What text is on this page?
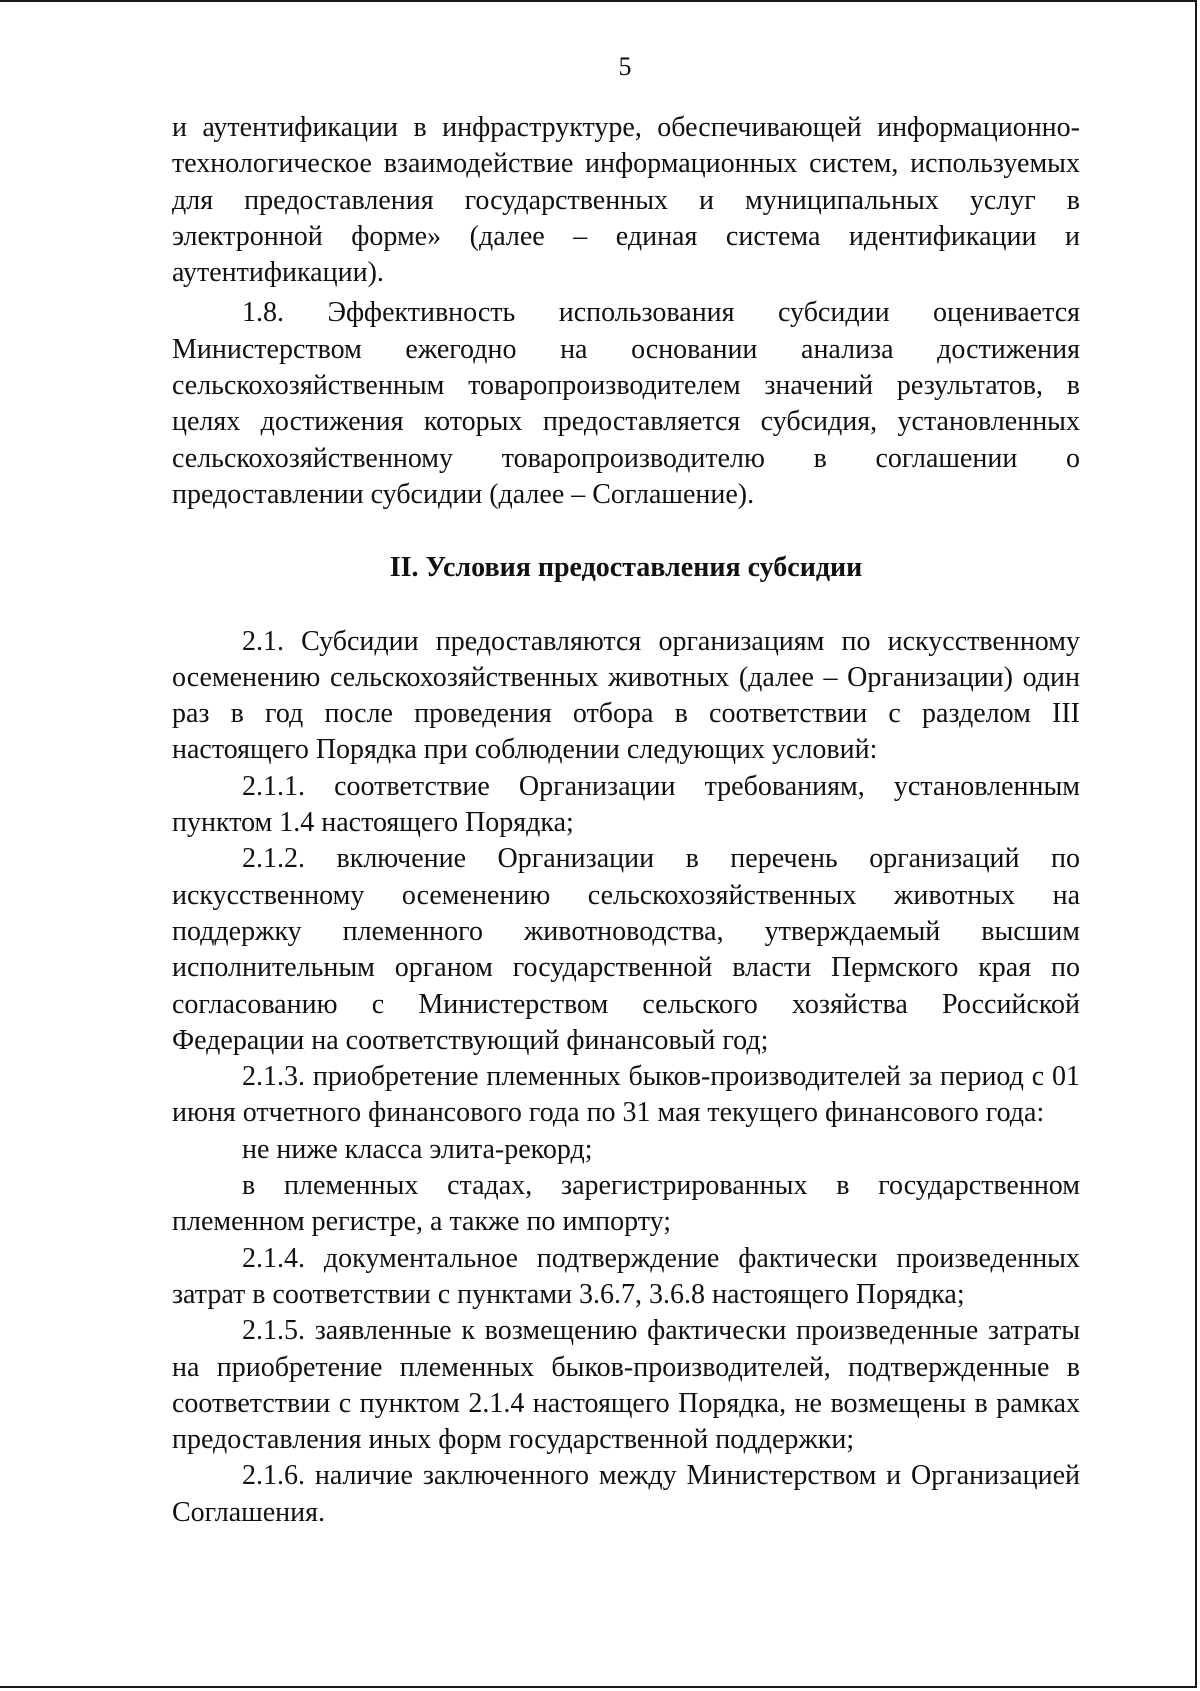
5

и аутентификации в инфраструктуре, обеспечивающей информационно-технологическое взаимодействие информационных систем, используемых для предоставления государственных и муниципальных услуг в электронной форме» (далее – единая система идентификации и аутентификации).

1.8. Эффективность использования субсидии оценивается Министерством ежегодно на основании анализа достижения сельскохозяйственным товаропроизводителем значений результатов, в целях достижения которых предоставляется субсидия, установленных сельскохозяйственному товаропроизводителю в соглашении о предоставлении субсидии (далее – Соглашение).

II. Условия предоставления субсидии

2.1. Субсидии предоставляются организациям по искусственному осеменению сельскохозяйственных животных (далее – Организации) один раз в год после проведения отбора в соответствии с разделом III настоящего Порядка при соблюдении следующих условий:

2.1.1. соответствие Организации требованиям, установленным пунктом 1.4 настоящего Порядка;

2.1.2. включение Организации в перечень организаций по искусственному осеменению сельскохозяйственных животных на поддержку племенного животноводства, утверждаемый высшим исполнительным органом государственной власти Пермского края по согласованию с Министерством сельского хозяйства Российской Федерации на соответствующий финансовый год;

2.1.3. приобретение племенных быков-производителей за период с 01 июня отчетного финансового года по 31 мая текущего финансового года:

не ниже класса элита-рекорд;

в племенных стадах, зарегистрированных в государственном племенном регистре, а также по импорту;

2.1.4. документальное подтверждение фактически произведенных затрат в соответствии с пунктами 3.6.7, 3.6.8 настоящего Порядка;

2.1.5. заявленные к возмещению фактически произведенные затраты на приобретение племенных быков-производителей, подтвержденные в соответствии с пунктом 2.1.4 настоящего Порядка, не возмещены в рамках предоставления иных форм государственной поддержки;

2.1.6. наличие заключенного между Министерством и Организацией Соглашения.
